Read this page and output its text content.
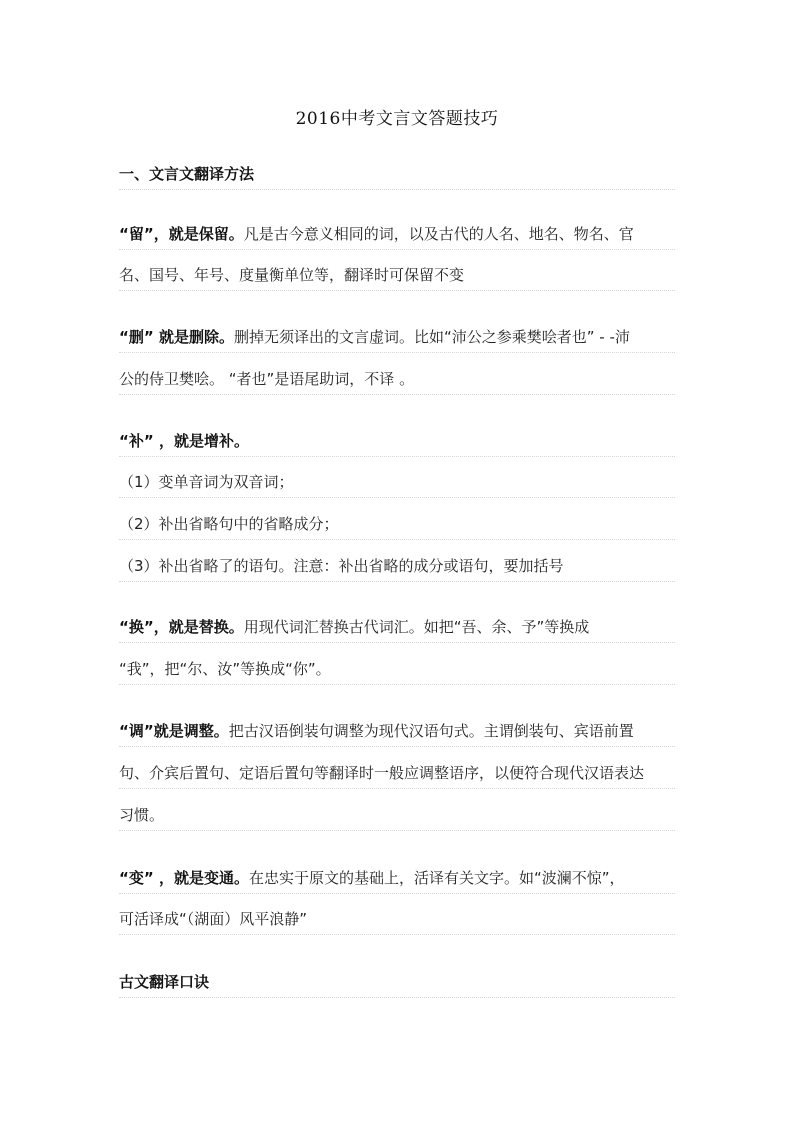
2016中考文言文答题技巧
一、文言文翻译方法
“留”，就是保留。凡是古今意义相同的词，以及古代的人名、地名、物名、官
名、国号、年号、度量衡单位等，翻译时可保留不变
“删” 就是删除。删掉无须译出的文言虚词。比如“沛公之参乘樊哙者也” - -沛
公的侍卫樊哙。 “者也”是语尾助词，不译 。
“补” ，就是增补。
（1）变单音词为双音词；
（2）补出省略句中的省略成分；
（3）补出省略了的语句。注意：补出省略的成分或语句，要加括号
“换”，就是替换。用现代词汇替换古代词汇。如把“吾、余、予”等换成
“我”，把“尔、汝”等换成“你”。
“调”就是调整。把古汉语倒装句调整为现代汉语句式。主谓倒装句、宾语前置
句、介宾后置句、定语后置句等翻译时一般应调整语序，以便符合现代汉语表达
习惯。
“变” ，就是变通。在忠实于原文的基础上，活译有关文字。如“波澜不惊”，
可活译成“（湖面）风平浪静”
古文翻译口诀
